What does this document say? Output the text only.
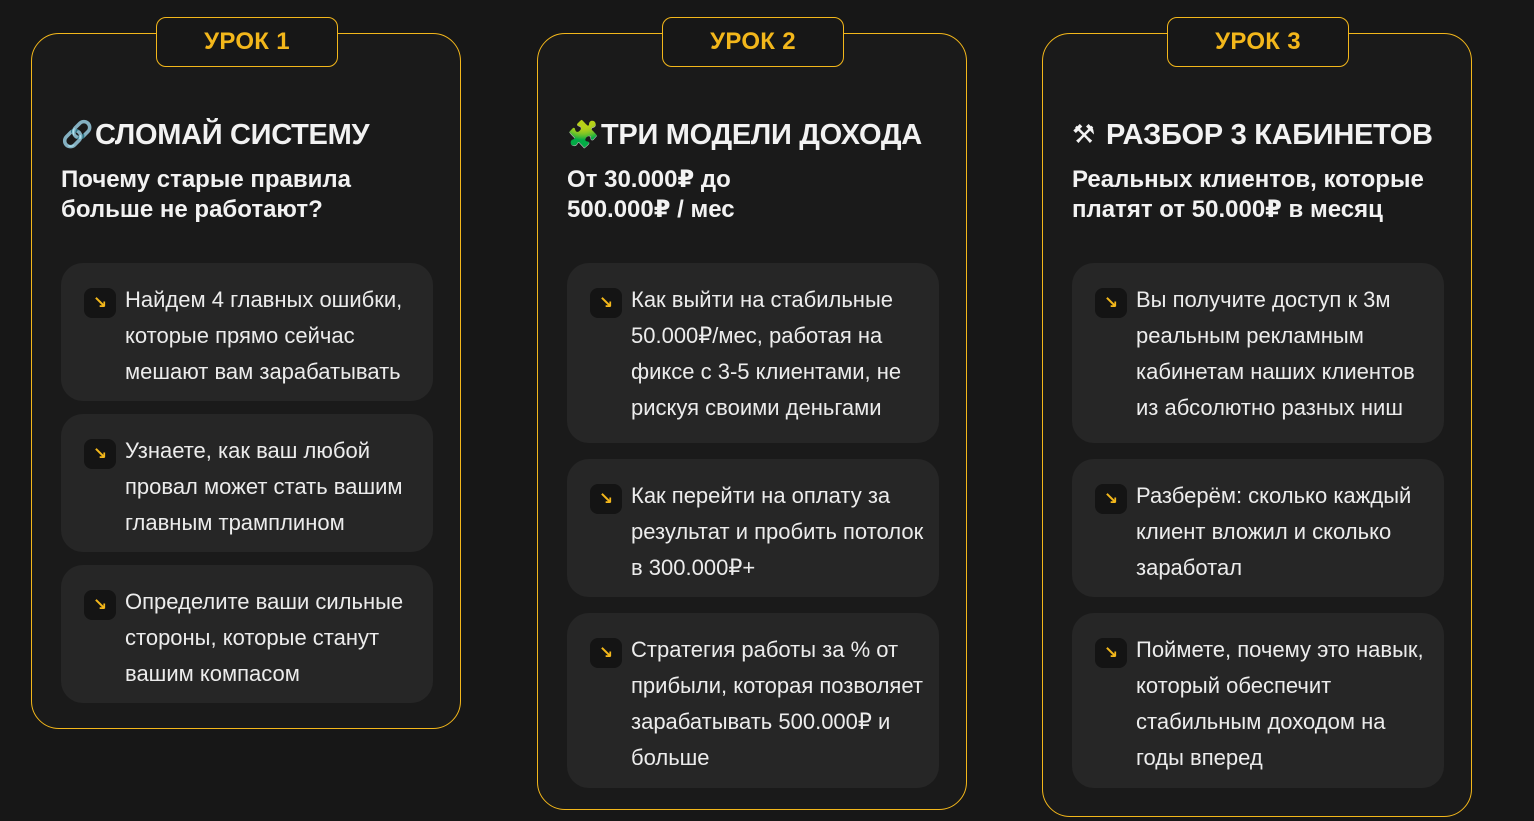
УРОК 1
🔗СЛОМАЙ СИСТЕМУ

Почему старые правила больше не работают?

↘ Найдем 4 главных ошибки, которые прямо сейчас мешают вам зарабатывать
↘ Узнаете, как ваш любой провал может стать вашим главным трамплином
↘ Определите ваши сильные стороны, которые станут вашим компасом
УРОК 2
🧩ТРИ МОДЕЛИ ДОХОДА

От 30.000₽ до 500.000₽ / мес

↘ Как выйти на стабильные 50.000₽/мес, работая на фиксе с 3-5 клиентами, не рискуя своими деньгами
↘ Как перейти на оплату за результат и пробить потолок в 300.000₽+
↘ Стратегия работы за % от прибыли, которая позволяет зарабатывать 500.000₽ и больше
УРОК 3
⚒ РАЗБОР 3 КАБИНЕТОВ

Реальных клиентов, которые платят от 50.000₽ в месяц

↘ Вы получите доступ к 3м реальным рекламным кабинетам наших клиентов из абсолютно разных ниш
↘ Разберём: сколько каждый клиент вложил и сколько заработал
↘ Поймете, почему это навык, который обеспечит стабильным доходом на годы вперед
